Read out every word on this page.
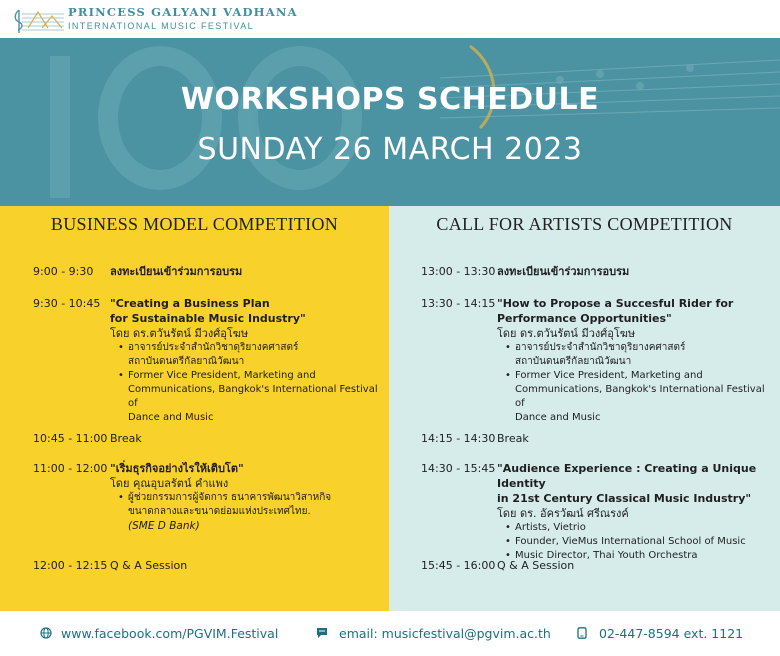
PRINCESS GALYANI VADHANA
INTERNATIONAL MUSIC FESTIVAL
WORKSHOPS SCHEDULE
SUNDAY 26 MARCH 2023
BUSINESS MODEL COMPETITION
9:00 - 9:30 ลงทะเบียนเข้าร่วมการอบรม
9:30 - 10:45 "Creating a Business Plan
for Sustainable Music Industry"
โดย ดร.ตวันรัตน์ มีวงศ์อุโฆษ
• อาจารย์ประจำสำนักวิชาดุริยางคศาสตร์
สถาบันดนตรีกัลยาณิวัฒนา
• Former Vice President, Marketing and
Communications, Bangkok's International Festival of
Dance and Music
10:45 - 11:00 Break
11:00 - 12:00 "เริ่มธุรกิจอย่างไรให้เติบโต"
โดย คุณอุบลรัตน์ คำแพง
• ผู้ช่วยกรรมการผู้จัดการ ธนาคารพัฒนาวิสาหกิจ
ขนาดกลางและขนาดย่อมแห่งประเทศไทย.
(SME D Bank)
12:00 - 12:15 Q & A Session
CALL FOR ARTISTS COMPETITION
13:00 - 13:30 ลงทะเบียนเข้าร่วมการอบรม
13:30 - 14:15 "How to Propose a Succesful Rider for
Performance Opportunities"
โดย ดร.ตวันรัตน์ มีวงศ์อุโฆษ
• อาจารย์ประจำสำนักวิชาดุริยางคศาสตร์
สถาบันดนตรีกัลยาณิวัฒนา
• Former Vice President, Marketing and
Communications, Bangkok's International Festival of
Dance and Music
14:15 - 14:30 Break
14:30 - 15:45 "Audience Experience : Creating a Unique Identity
in 21st Century Classical Music Industry"
โดย ดร. อัครวัฒน์ ศรีณรงค์
• Artists, Vietrio
• Founder, VieMus International School of Music
• Music Director, Thai Youth Orchestra
15:45 - 16:00 Q & A Session
www.facebook.com/PGVIM.Festival	email: musicfestival@pgvim.ac.th	02-447-8594 ext. 1121
